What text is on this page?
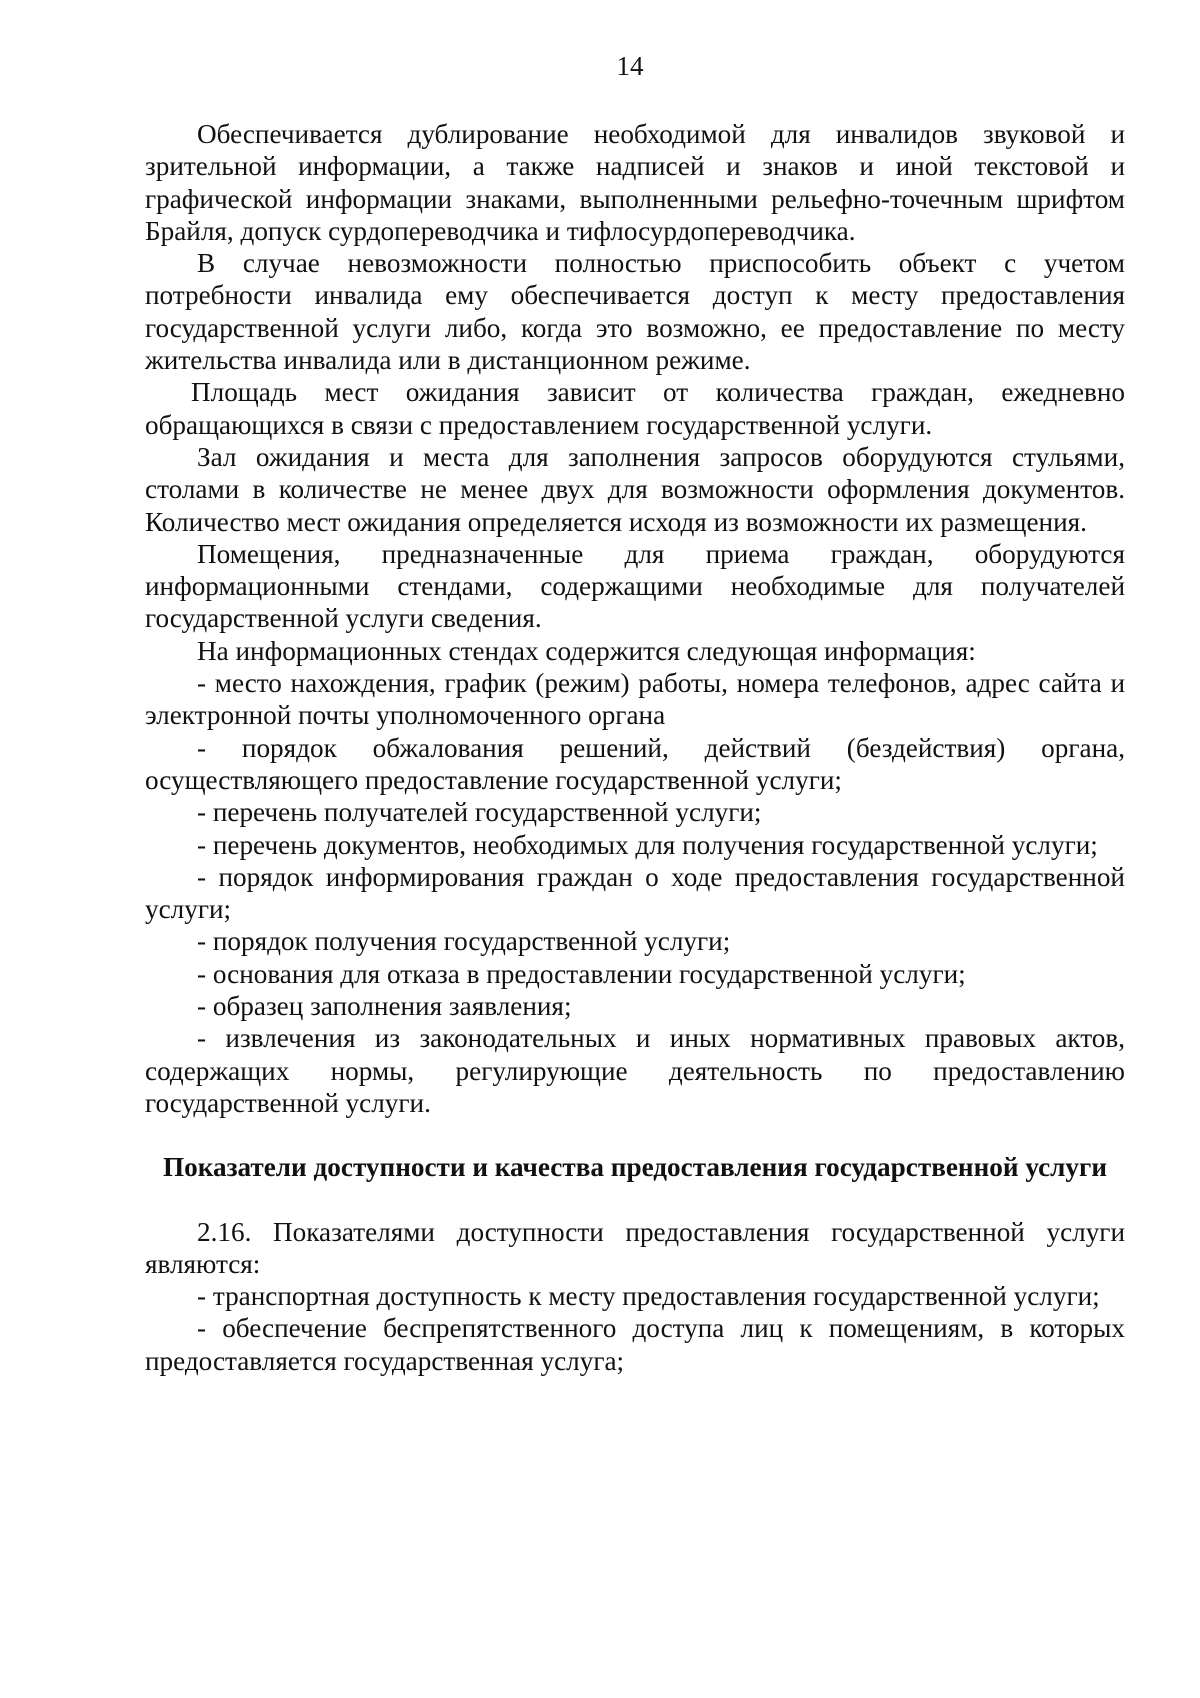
14

Обеспечивается дублирование необходимой для инвалидов звуковой и зрительной информации, а также надписей и знаков и иной текстовой и графической информации знаками, выполненными рельефно-точечным шрифтом Брайля, допуск сурдопереводчика и тифлосурдопереводчика.

В случае невозможности полностью приспособить объект с учетом потребности инвалида ему обеспечивается доступ к месту предоставления государственной услуги либо, когда это возможно, ее предоставление по месту жительства инвалида или в дистанционном режиме.

Площадь мест ожидания зависит от количества граждан, ежедневно обращающихся в связи с предоставлением государственной услуги.

Зал ожидания и места для заполнения запросов оборудуются стульями, столами в количестве не менее двух для возможности оформления документов. Количество мест ожидания определяется исходя из возможности их размещения.

Помещения, предназначенные для приема граждан, оборудуются информационными стендами, содержащими необходимые для получателей государственной услуги сведения.

На информационных стендах содержится следующая информация:

- место нахождения, график (режим) работы, номера телефонов, адрес сайта и электронной почты уполномоченного органа

- порядок обжалования решений, действий (бездействия) органа, осуществляющего предоставление государственной услуги;

- перечень получателей государственной услуги;

- перечень документов, необходимых для получения государственной услуги;

- порядок информирования граждан о ходе предоставления государственной услуги;

- порядок получения государственной услуги;

- основания для отказа в предоставлении государственной услуги;

- образец заполнения заявления;

- извлечения из законодательных и иных нормативных правовых актов, содержащих нормы, регулирующие деятельность по предоставлению государственной услуги.

Показатели доступности и качества предоставления государственной услуги

2.16. Показателями доступности предоставления государственной услуги являются:

- транспортная доступность к месту предоставления государственной услуги;

- обеспечение беспрепятственного доступа лиц к помещениям, в которых предоставляется государственная услуга;
